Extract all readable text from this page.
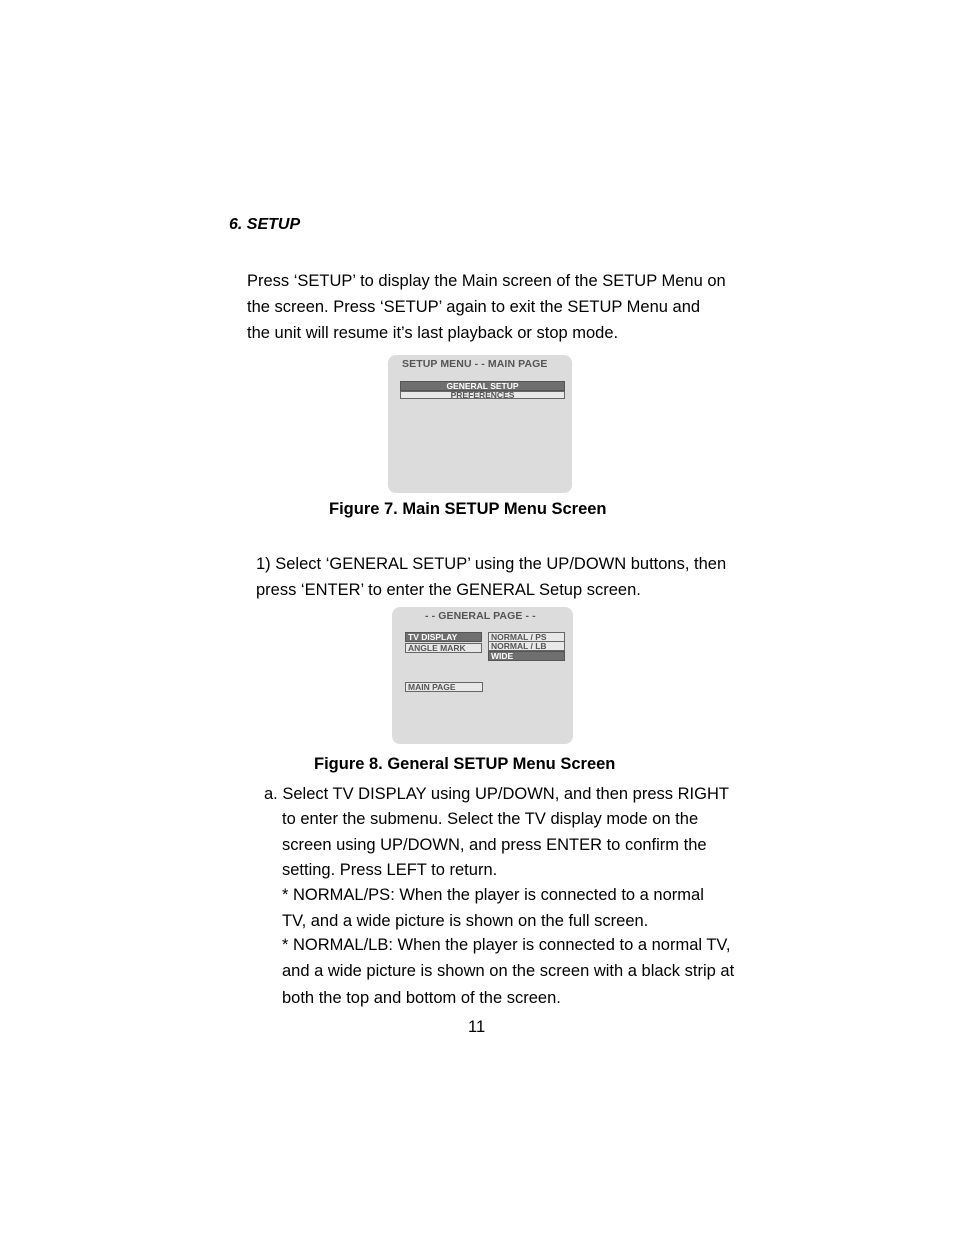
6. SETUP
Press ‘SETUP’ to display the Main screen of the SETUP Menu on
the screen. Press ‘SETUP’ again to exit the SETUP Menu and
the unit will resume it’s last playback or stop mode.
SETUP MENU - - MAIN PAGE
GENERAL SETUP
PREFERENCES
Figure 7. Main SETUP Menu Screen
1) Select ‘GENERAL SETUP’ using the UP/DOWN buttons, then
press ‘ENTER’ to enter the GENERAL Setup screen.
- - GENERAL PAGE - -
TV DISPLAY
ANGLE MARK
NORMAL / PS
NORMAL / LB
WIDE
MAIN PAGE
Figure 8. General SETUP Menu Screen
a. Select TV DISPLAY using UP/DOWN, and then press RIGHT
to enter the submenu. Select the TV display mode on the
screen using UP/DOWN, and press ENTER to confirm the
setting. Press LEFT to return.
* NORMAL/PS: When the player is connected to a normal
TV, and a wide picture is shown on the full screen.
* NORMAL/LB: When the player is connected to a normal TV,
and a wide picture is shown on the screen with a black strip at
both the top and bottom of the screen.
11
